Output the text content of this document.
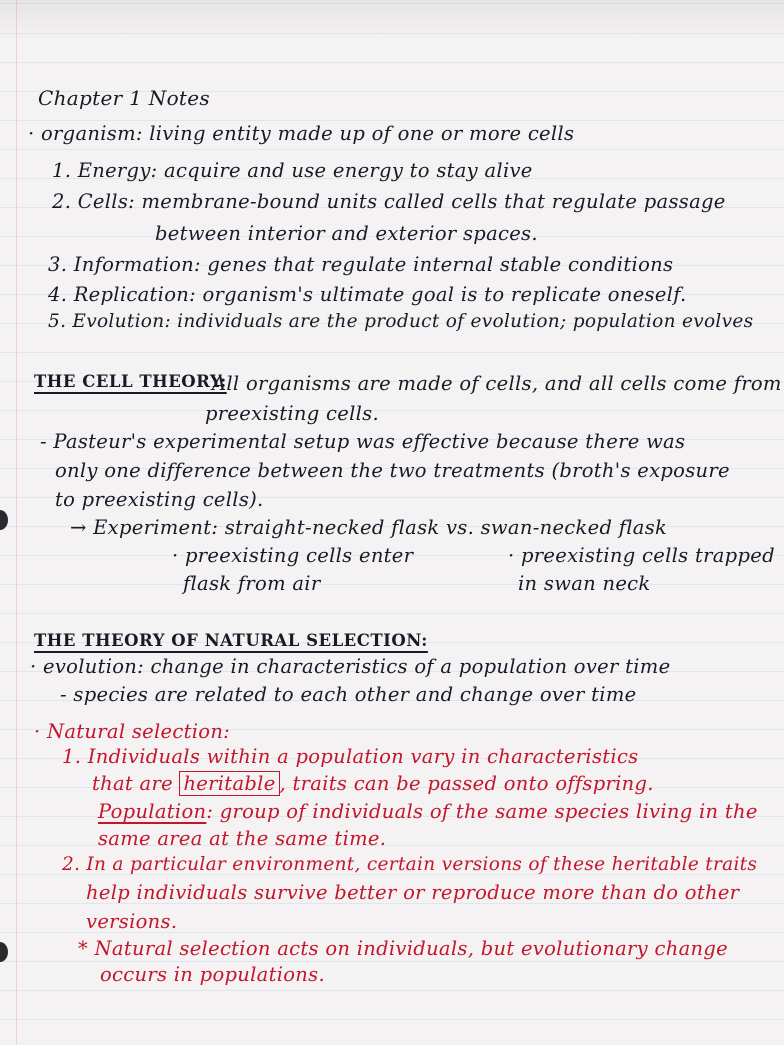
Chapter 1 Notes
· organism: living entity made up of one or more cells
1. Energy: acquire and use energy to stay alive
2. Cells: membrane-bound units called cells that regulate passage
between interior and exterior spaces.
3. Information: genes that regulate internal stable conditions
4. Replication: organism's ultimate goal is to replicate oneself.
5. Evolution: individuals are the product of evolution; population evolves
THE CELL THEORY:
All organisms are made of cells, and all cells come from
preexisting cells.
- Pasteur's experimental setup was effective because there was
only one difference between the two treatments (broth's exposure
to preexisting cells).
→ Experiment: straight-necked flask vs. swan-necked flask
· preexisting cells enter
flask from air
· preexisting cells trapped
in swan neck
THE THEORY OF NATURAL SELECTION:
· evolution: change in characteristics of a population over time
- species are related to each other and change over time
· Natural selection:
1. Individuals within a population vary in characteristics
that are heritable , traits can be passed onto offspring.
Population: group of individuals of the same species living in the
same area at the same time.
2. In a particular environment, certain versions of these heritable traits
help individuals survive better or reproduce more than do other
versions.
* Natural selection acts on individuals, but evolutionary change
occurs in populations.
